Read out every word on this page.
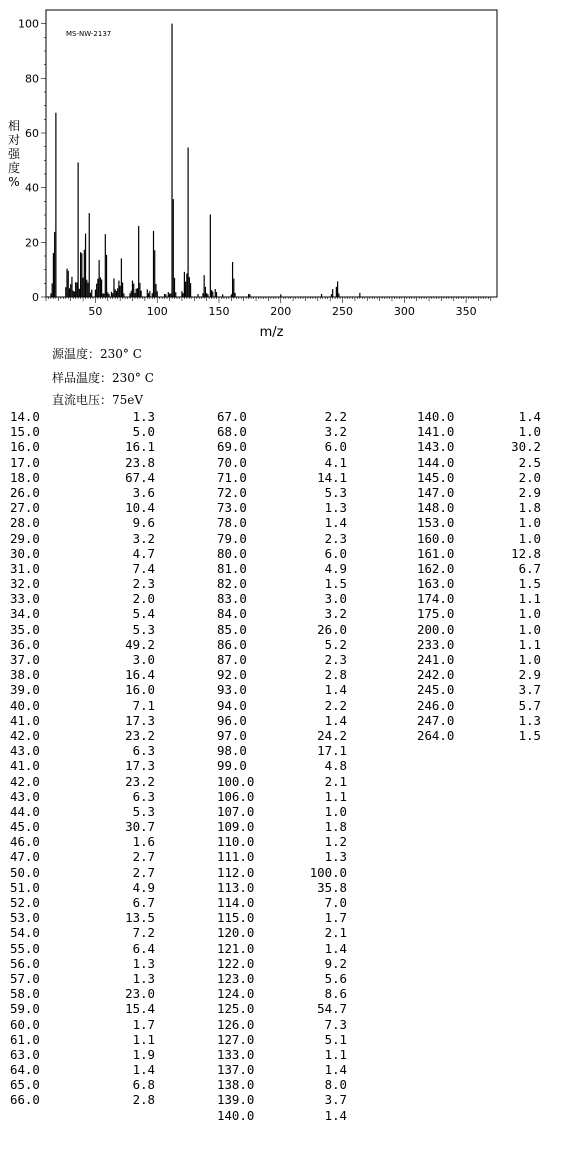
50	100	150	200	250	300	350
0
20
40
60
80
100
MS-NW-2137
m/z
相对强度%
源温度：230° C
样品温度：230° C
直流电压：75eV
14.0	1.3
15.0	5.0
16.0	16.1
17.0	23.8
18.0	67.4
26.0	3.6
27.0	10.4
28.0	9.6
29.0	3.2
30.0	4.7
31.0	7.4
32.0	2.3
33.0	2.0
34.0	5.4
35.0	5.3
36.0	49.2
37.0	3.0
38.0	16.4
39.0	16.0
40.0	7.1
41.0	17.3
42.0	23.2
43.0	6.3
41.0	17.3
42.0	23.2
43.0	6.3
44.0	5.3
45.0	30.7
46.0	1.6
47.0	2.7
50.0	2.7
51.0	4.9
52.0	6.7
53.0	13.5
54.0	7.2
55.0	6.4
56.0	1.3
57.0	1.3
58.0	23.0
59.0	15.4
60.0	1.7
61.0	1.1
63.0	1.9
64.0	1.4
65.0	6.8
66.0	2.8
67.0	2.2
68.0	3.2
69.0	6.0
70.0	4.1
71.0	14.1
72.0	5.3
73.0	1.3
78.0	1.4
79.0	2.3
80.0	6.0
81.0	4.9
82.0	1.5
83.0	3.0
84.0	3.2
85.0	26.0
86.0	5.2
87.0	2.3
92.0	2.8
93.0	1.4
94.0	2.2
96.0	1.4
97.0	24.2
98.0	17.1
99.0	4.8
100.0	2.1
106.0	1.1
107.0	1.0
109.0	1.8
110.0	1.2
111.0	1.3
112.0	100.0
113.0	35.8
114.0	7.0
115.0	1.7
120.0	2.1
121.0	1.4
122.0	9.2
123.0	5.6
124.0	8.6
125.0	54.7
126.0	7.3
127.0	5.1
133.0	1.1
137.0	1.4
138.0	8.0
139.0	3.7
140.0	1.4
140.0	1.4
141.0	1.0
143.0	30.2
144.0	2.5
145.0	2.0
147.0	2.9
148.0	1.8
153.0	1.0
160.0	1.0
161.0	12.8
162.0	6.7
163.0	1.5
174.0	1.1
175.0	1.0
200.0	1.0
233.0	1.1
241.0	1.0
242.0	2.9
245.0	3.7
246.0	5.7
247.0	1.3
264.0	1.5
